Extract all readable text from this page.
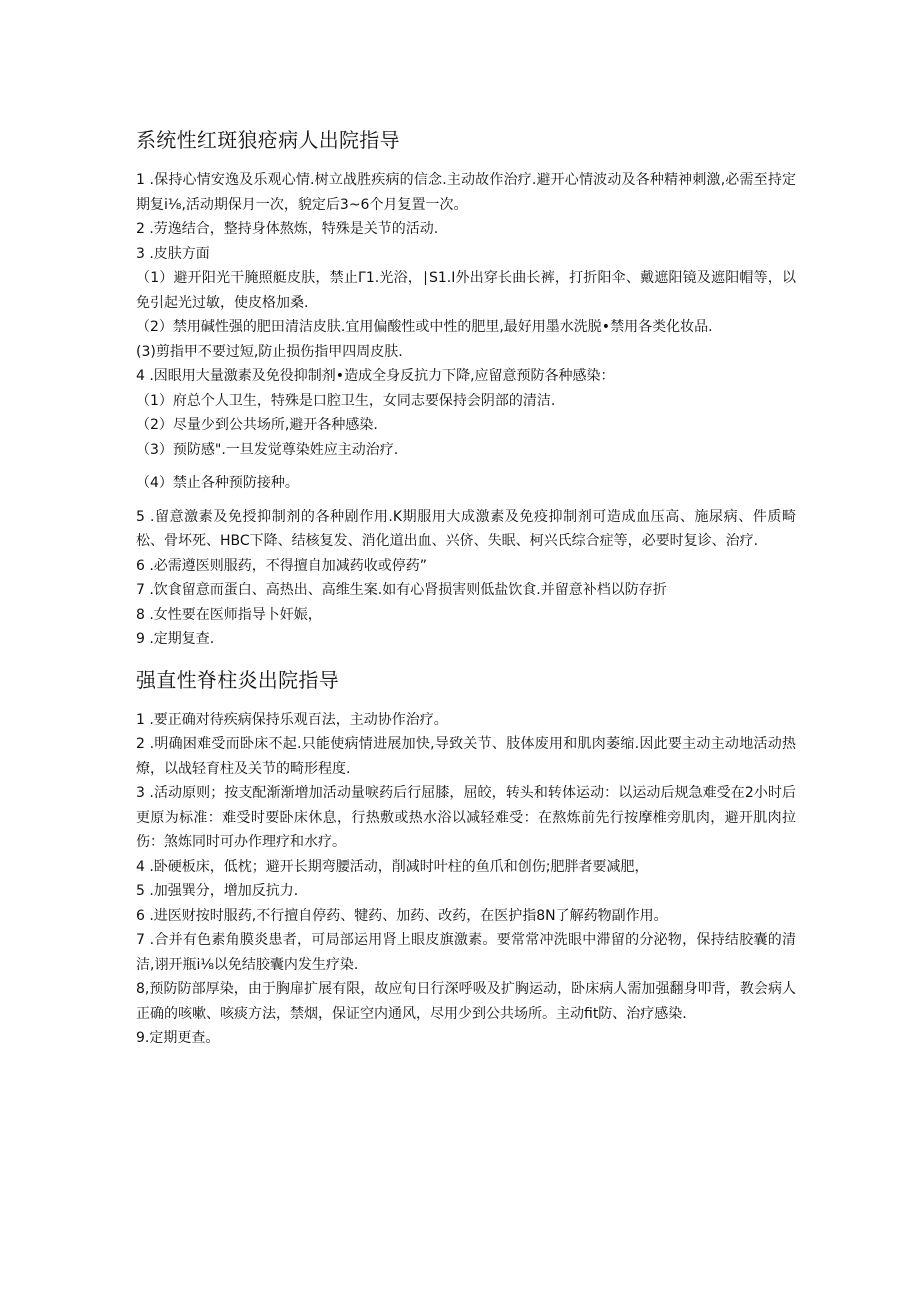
系统性红斑狼疮病人出院指导

1 .保持心情安逸及乐观心情.树立战胜疾病的信念.主动故作治疗.避开心情波动及各种精神刺激,必需至持定期复i⅛,活动期保月一次，貌定后3~6个月复置一次。

2 .劳逸结合，整持身体熬炼，特殊是关节的活动.

3 .皮肤方面

（1）避开阳光干腌照艇皮肤，禁止Γ1.光浴，∣S1.I外出穿长曲长裤，打折阳伞、戴遮阳镜及遮阳帽等，以免引起光过敏，使皮格加桑.

（2）禁用碱性强的肥田清洁皮肤.宜用偏酸性或中性的肥里,最好用墨水洗脱•禁用各类化妆品.

(3)剪指甲不要过短,防止损伤指甲四周皮肤.

4 .因眼用大量激素及免役抑制剂•造成全身反抗力下降,应留意预防各种感染：

（1）府总个人卫生，特殊是口腔卫生，女同志要保持会阴部的清洁.

（2）尽量少到公共场所,避开各种感染.

（3）预防感".一旦发觉尊染姓应主动治疗.

（4）禁止各种预防接种。

5 .留意激素及免授抑制剂的各种剧作用.K期服用大成激素及免疫抑制剂可造成血压高、施尿病、件质畸松、骨坏死、HBC下降、结核复发、消化道出血、兴侪、失眠、柯兴氏综合症等，必要时复诊、治疗.

6 .必需遵医则服药，不得擅自加减药收或停药”

7 .饮食留意而蛋白、高热出、高维生案.如有心肾损害则低盐饮食.并留意补档以防存折

8 .女性要在医师指导卜奸娠，

9 .定期复查.

强直性脊柱炎出院指导

1 .要正确对待疾病保持乐观百法，主动协作治疗。

2 .明确困难受而卧床不起.只能使病情进展加快,导致关节、肢体废用和肌肉萎缩.因此要主动主动地活动热燎，以战轻育柱及关节的畸形程度.

3 .活动原则；按支配渐渐增加活动量唳药后行屈膝，屈皎，转头和转体运动：以运动后规急难受在2小时后更原为标准：难受时要卧床休息，行热敷或热水浴以减轻难受：在熬炼前先行按摩椎旁肌肉，避开肌肉拉伤：煞炼同时可办作理疗和水疗。

4 .卧硬板床，低枕；避开长期弯腰活动，削减时叶柱的鱼爪和创伤;肥胖者要减肥，

5 .加强巽分，增加反抗力.

6 .进医财按时服药,不行擅自停药、犍药、加药、改药，在医护指8N了解药物副作用。

7 .合并有色素角膜炎患者，可局部运用肾上眼皮旗激素。要常常冲洗眼中滞留的分泌物，保持结胶囊的清洁,诩开瓶i⅛以免结胶囊内发生疗染.

8,预防防部厚染，由于胸扉扩展有限，故应旬日行深呼吸及扩胸运动，卧床病人需加强翻身叩背，教会病人正确的咳嗽、咳痰方法，禁烟，保证空内通风，尽用少到公共场所。主动fit防、治疗感染.

9.定期更查。
